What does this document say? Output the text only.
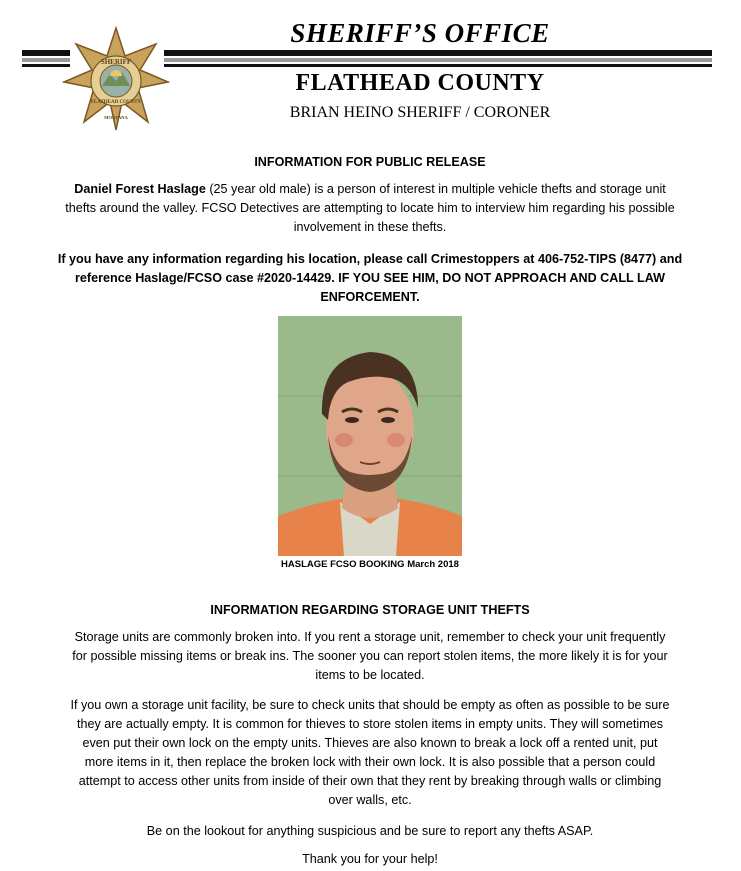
SHERIFF’S OFFICE
SHERIFF
FLATHEAD COUNTY
MONTANA
FLATHEAD COUNTY
BRIAN HEINO SHERIFF / CORONER
INFORMATION FOR PUBLIC RELEASE
Daniel Forest Haslage (25 year old male) is a person of interest in multiple vehicle thefts and storage unit
thefts around the valley. FCSO Detectives are attempting to locate him to interview him regarding his possible
involvement in these thefts.
If you have any information regarding his location, please call Crimestoppers at 406-752-TIPS (8477) and
reference Haslage/FCSO case #2020-14429. IF YOU SEE HIM, DO NOT APPROACH AND CALL LAW
ENFORCEMENT.
HASLAGE FCSO BOOKING March 2018
INFORMATION REGARDING STORAGE UNIT THEFTS
Storage units are commonly broken into. If you rent a storage unit, remember to check your unit frequently
for possible missing items or break ins. The sooner you can report stolen items, the more likely it is for your
items to be located.
If you own a storage unit facility, be sure to check units that should be empty as often as possible to be sure
they are actually empty. It is common for thieves to store stolen items in empty units. They will sometimes
even put their own lock on the empty units. Thieves are also known to break a lock off a rented unit, put
more items in it, then replace the broken lock with their own lock. It is also possible that a person could
attempt to access other units from inside of their own that they rent by breaking through walls or climbing
over walls, etc.
Be on the lookout for anything suspicious and be sure to report any thefts ASAP.
Thank you for your help!
